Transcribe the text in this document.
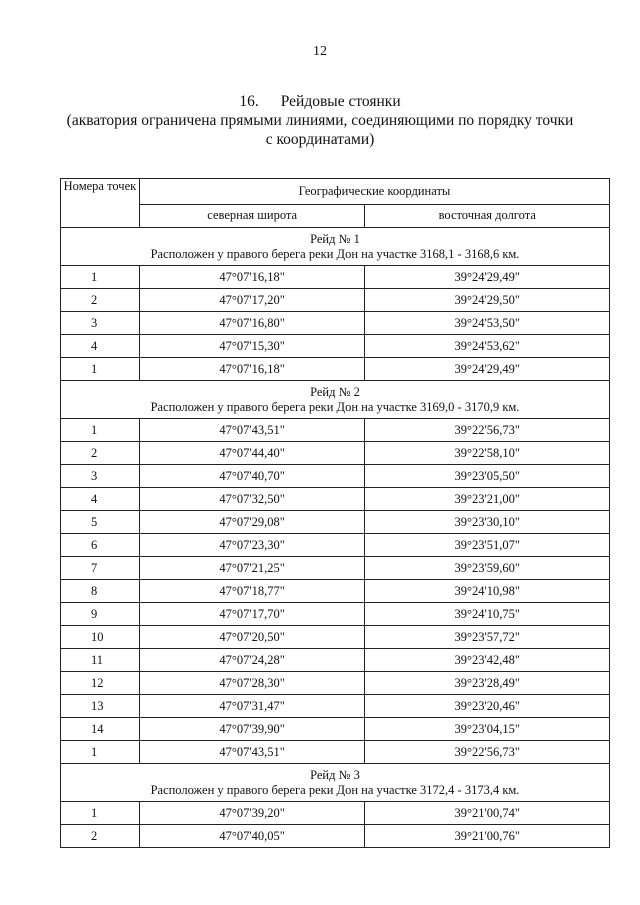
12
16. Рейдовые стоянки
(акватория ограничена прямыми линиями, соединяющими по порядку точки
с координатами)
Номера точек	Географические координаты	
	северная широта	восточная долгота

Рейд № 1
Расположен у правого берега реки Дон на участке 3168,1 - 3168,6 км.		

1	47°07'16,18"	39°24'29,49"
2	47°07'17,20"	39°24'29,50"
3	47°07'16,80"	39°24'53,50"
4	47°07'15,30"	39°24'53,62"
1	47°07'16,18"	39°24'29,49"

Рейд № 2
Расположен у правого берега реки Дон на участке 3169,0 - 3170,9 км.		

1	47°07'43,51"	39°22'56,73"
2	47°07'44,40"	39°22'58,10"
3	47°07'40,70"	39°23'05,50"
4	47°07'32,50"	39°23'21,00"
5	47°07'29,08"	39°23'30,10"
6	47°07'23,30"	39°23'51,07"
7	47°07'21,25"	39°23'59,60"
8	47°07'18,77"	39°24'10,98"
9	47°07'17,70"	39°24'10,75"
10	47°07'20,50"	39°23'57,72"
11	47°07'24,28"	39°23'42,48"
12	47°07'28,30"	39°23'28,49"
13	47°07'31,47"	39°23'20,46"
14	47°07'39,90"	39°23'04,15"
1	47°07'43,51"	39°22'56,73"

Рейд № 3
Расположен у правого берега реки Дон на участке 3172,4 - 3173,4 км.		

1	47°07'39,20"	39°21'00,74"
2	47°07'40,05"	39°21'00,76"
